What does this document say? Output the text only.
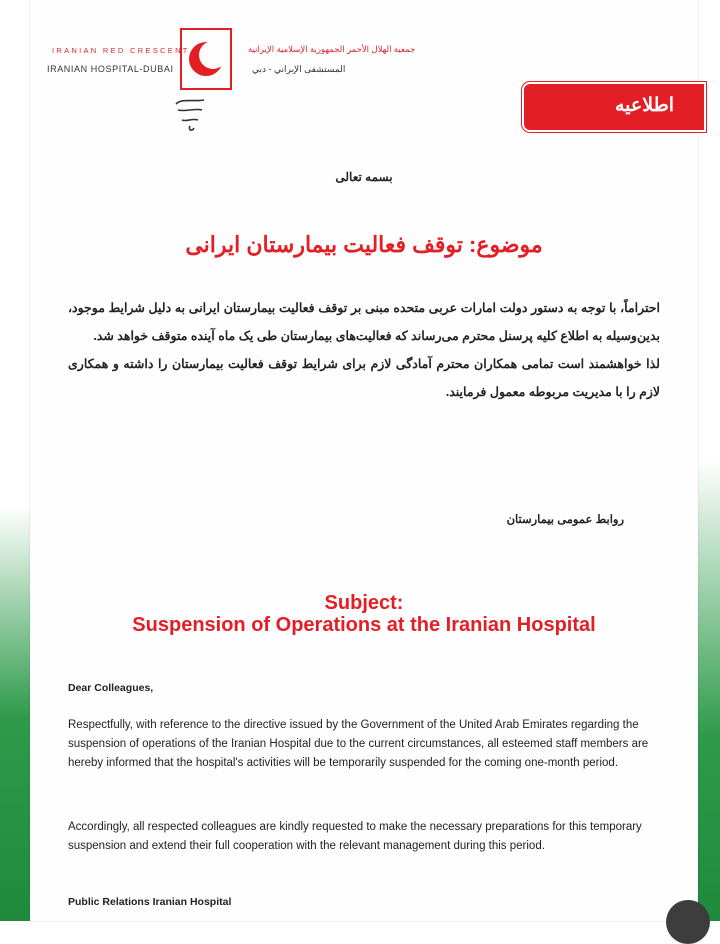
IRANIAN RED CRESCENT
IRANIAN HOSPITAL-DUBAI
جمعية الهلال الأحمر الجمهورية الإسلامية الإيرانية
المستشفى الإيراني - دبي
اطلاعیه
بسمه تعالی
موضوع: توقف فعالیت بیمارستان ایرانی

احتراماً، با توجه به دستور دولت امارات عربی متحده مبنی بر توقف فعالیت بیمارستان ایرانی به دلیل شرایط موجود، بدین‌وسیله به اطلاع کلیه پرسنل محترم می‌رساند که فعالیت‌های بیمارستان طی یک ماه آینده متوقف خواهد شد.

لذا خواهشمند است تمامی همکاران محترم آمادگی لازم برای شرایط توقف فعالیت بیمارستان را داشته و همکاری لازم را با مدیریت مربوطه معمول فرمایند.

روابط عمومی بیمارستان
Subject:
Suspension of Operations at the Iranian Hospital
Dear Colleagues,

Respectfully, with reference to the directive issued by the Government of the United Arab Emirates regarding the suspension of operations of the Iranian Hospital due to the current circumstances, all esteemed staff members are hereby informed that the hospital's activities will be temporarily suspended for the coming one-month period.

Accordingly, all respected colleagues are kindly requested to make the necessary preparations for this temporary suspension and extend their full cooperation with the relevant management during this period.

Public Relations Iranian Hospital
